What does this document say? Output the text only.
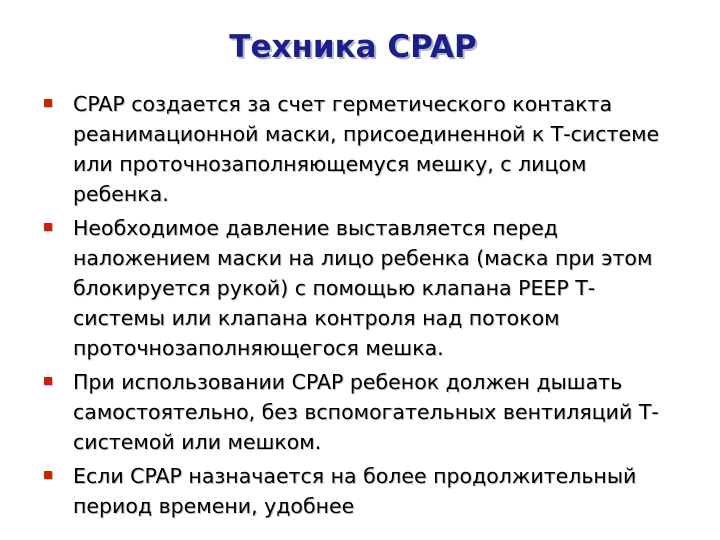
Техника CPAP
CPAP создается за счет герметического контакта реанимационной маски, присоединенной к Т-системе или проточнозаполняющемуся мешку, с лицом ребенка.
Необходимое давление выставляется перед наложением маски на лицо ребенка (маска при этом блокируется рукой) с помощью клапана PEEP Т-системы или клапана контроля над потоком проточнозаполняющегося мешка.
При использовании CPAP ребенок должен дышать самостоятельно, без вспомогательных вентиляций Т-системой или мешком.
Если CPAP назначается на более продолжительный период времени, удобнее
